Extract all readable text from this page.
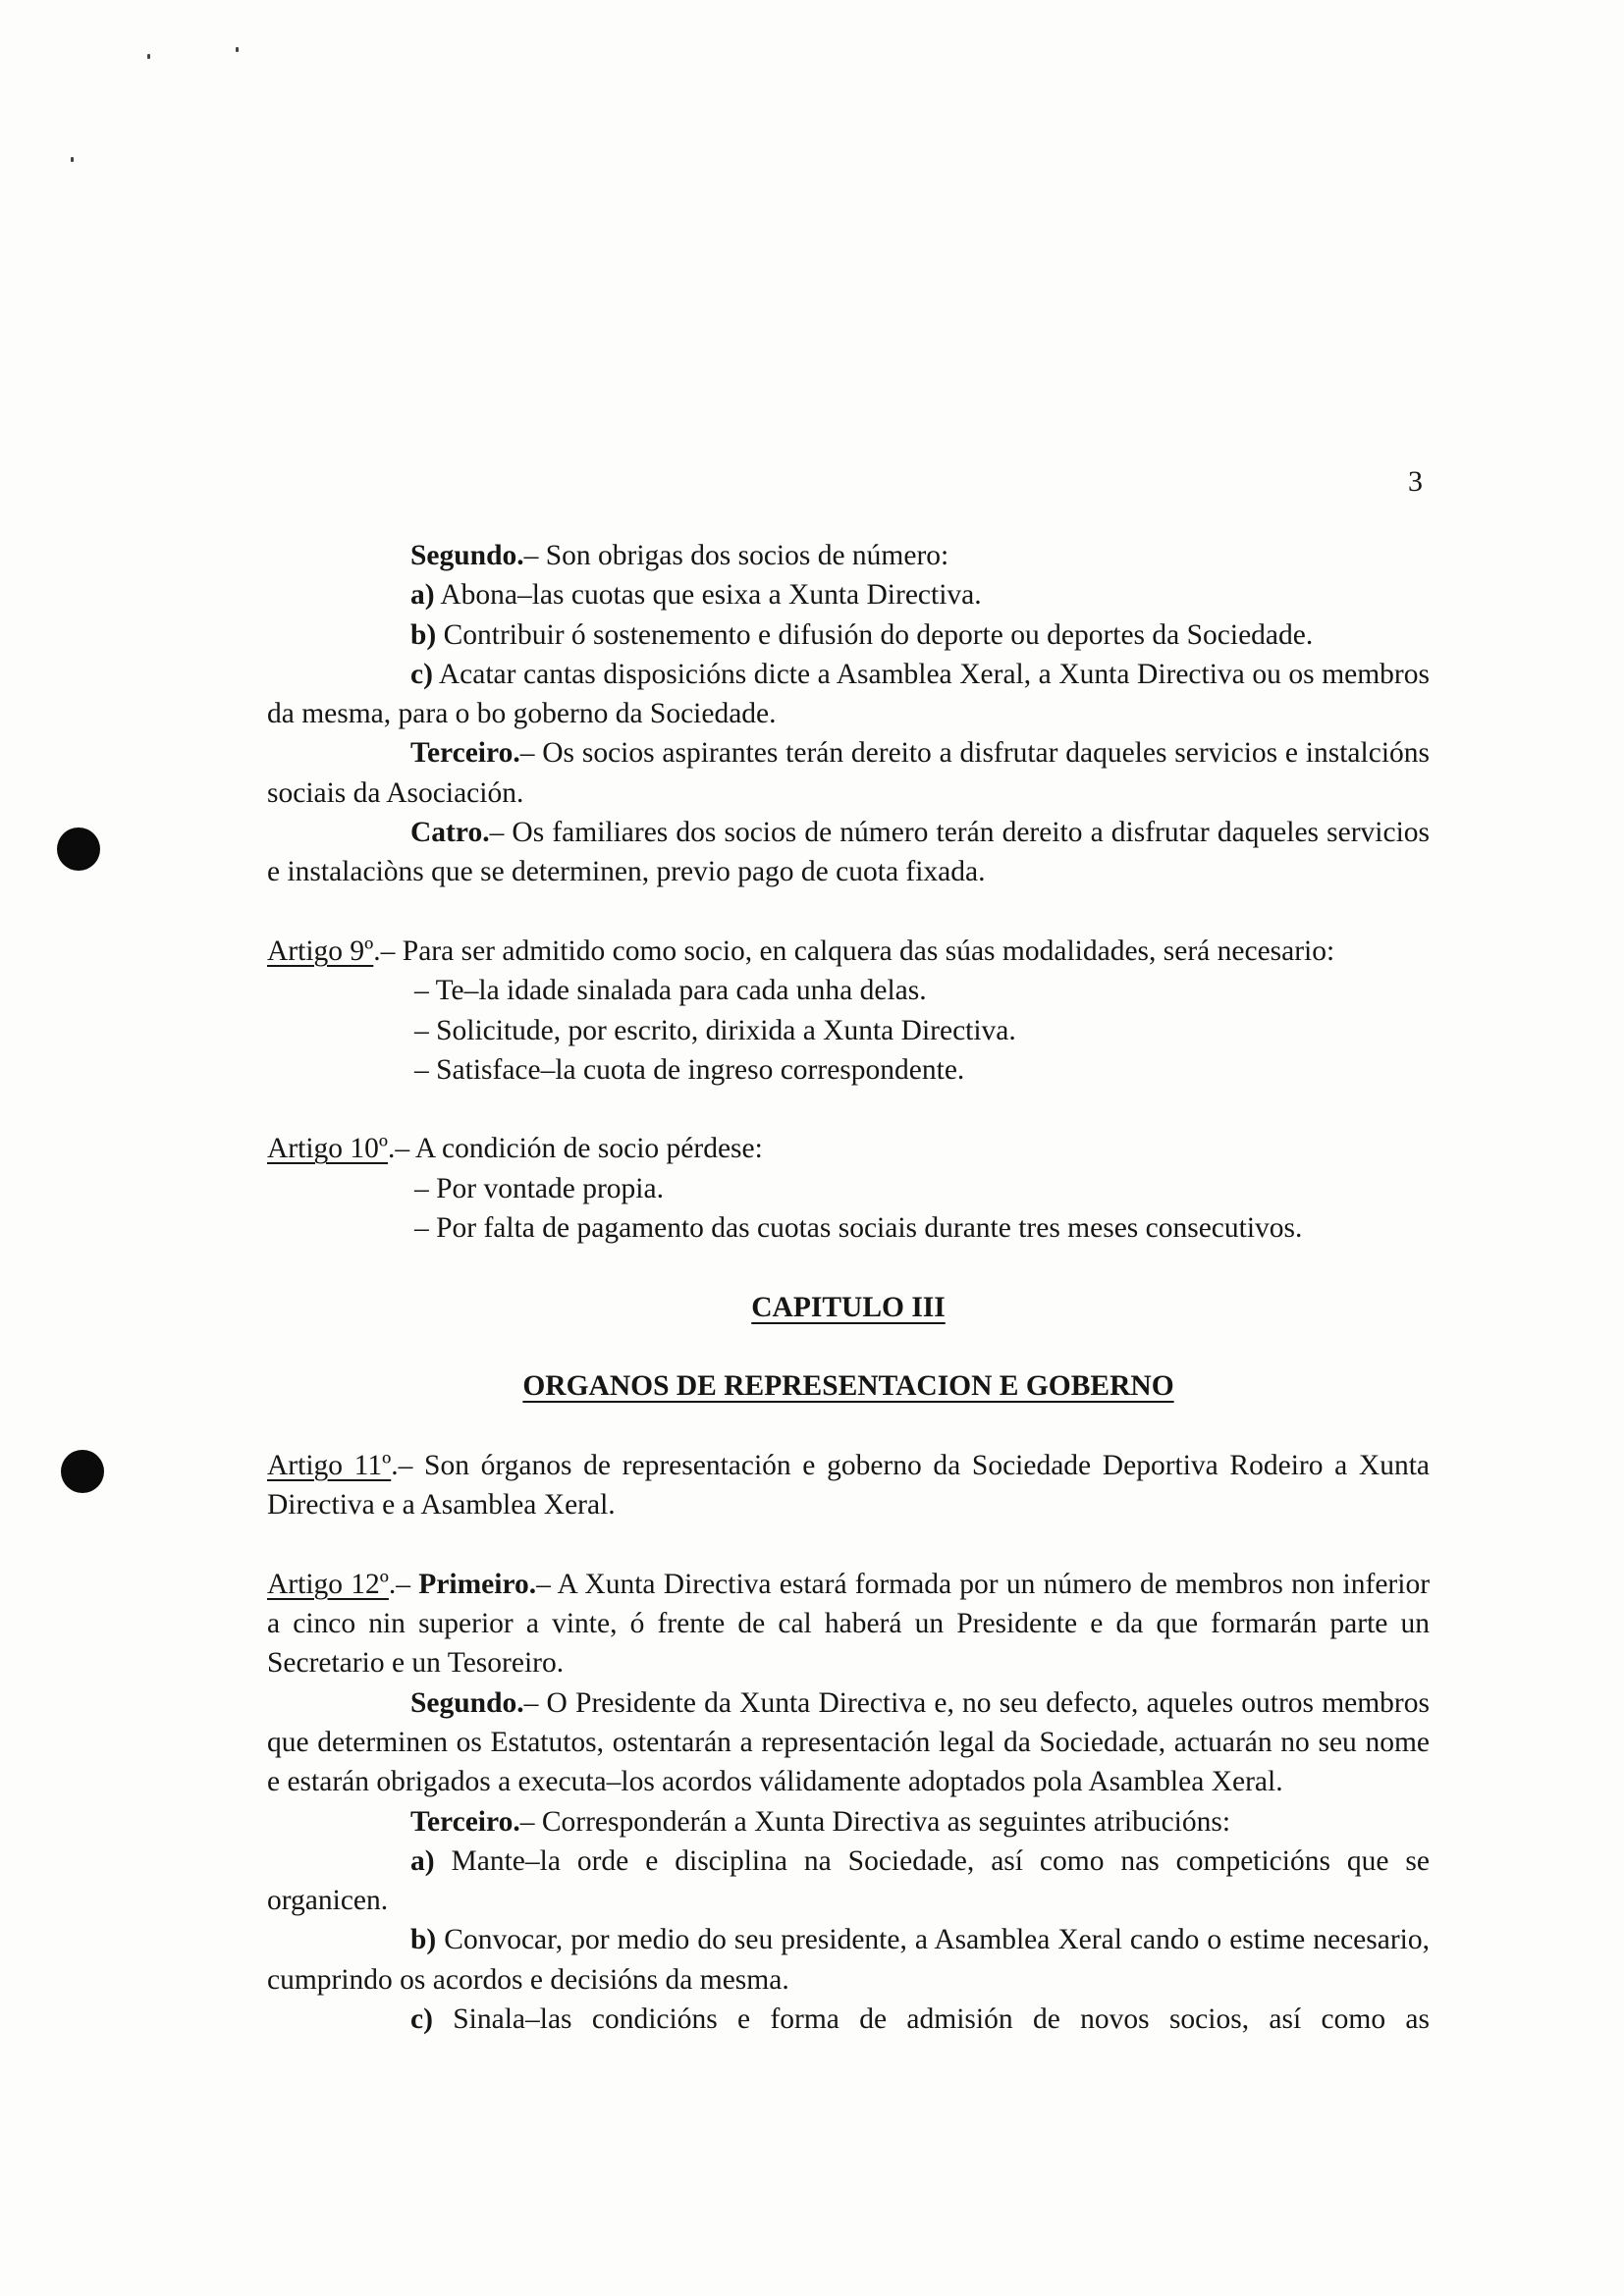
3

Segundo.– Son obrigas dos socios de número:

a) Abona–las cuotas que esixa a Xunta Directiva.

b) Contribuir ó sostenemento e difusión do deporte ou deportes da Sociedade.

c) Acatar cantas disposicións dicte a Asamblea Xeral, a Xunta Directiva ou os membros da mesma, para o bo goberno da Sociedade.

Terceiro.– Os socios aspirantes terán dereito a disfrutar daqueles servicios e instalcións sociais da Asociación.

Catro.– Os familiares dos socios de número terán dereito a disfrutar daqueles servicios e instalaciòns que se determinen, previo pago de cuota fixada.

Artigo 9º.– Para ser admitido como socio, en calquera das súas modalidades, será necesario:

– Te–la idade sinalada para cada unha delas.

– Solicitude, por escrito, dirixida a Xunta Directiva.

– Satisface–la cuota de ingreso correspondente.

Artigo 10º.– A condición de socio pérdese:

– Por vontade propia.

– Por falta de pagamento das cuotas sociais durante tres meses consecutivos.

CAPITULO III

ORGANOS DE REPRESENTACION E GOBERNO

Artigo 11º.– Son órganos de representación e goberno da Sociedade Deportiva Rodeiro a Xunta Directiva e a Asamblea Xeral.

Artigo 12º.– Primeiro.– A Xunta Directiva estará formada por un número de membros non inferior a cinco nin superior a vinte, ó frente de cal haberá un Presidente e da que formarán parte un Secretario e un Tesoreiro.

Segundo.– O Presidente da Xunta Directiva e, no seu defecto, aqueles outros membros que determinen os Estatutos, ostentarán a representación legal da Sociedade, actuarán no seu nome e estarán obrigados a executa–los acordos válidamente adoptados pola Asamblea Xeral.

Terceiro.– Corresponderán a Xunta Directiva as seguintes atribucións:

a) Mante–la orde e disciplina na Sociedade, así como nas competicións que se organicen.

b) Convocar, por medio do seu presidente, a Asamblea Xeral cando o estime necesario, cumprindo os acordos e decisións da mesma.

c) Sinala–las condicións e forma de admisión de novos socios, así como as
